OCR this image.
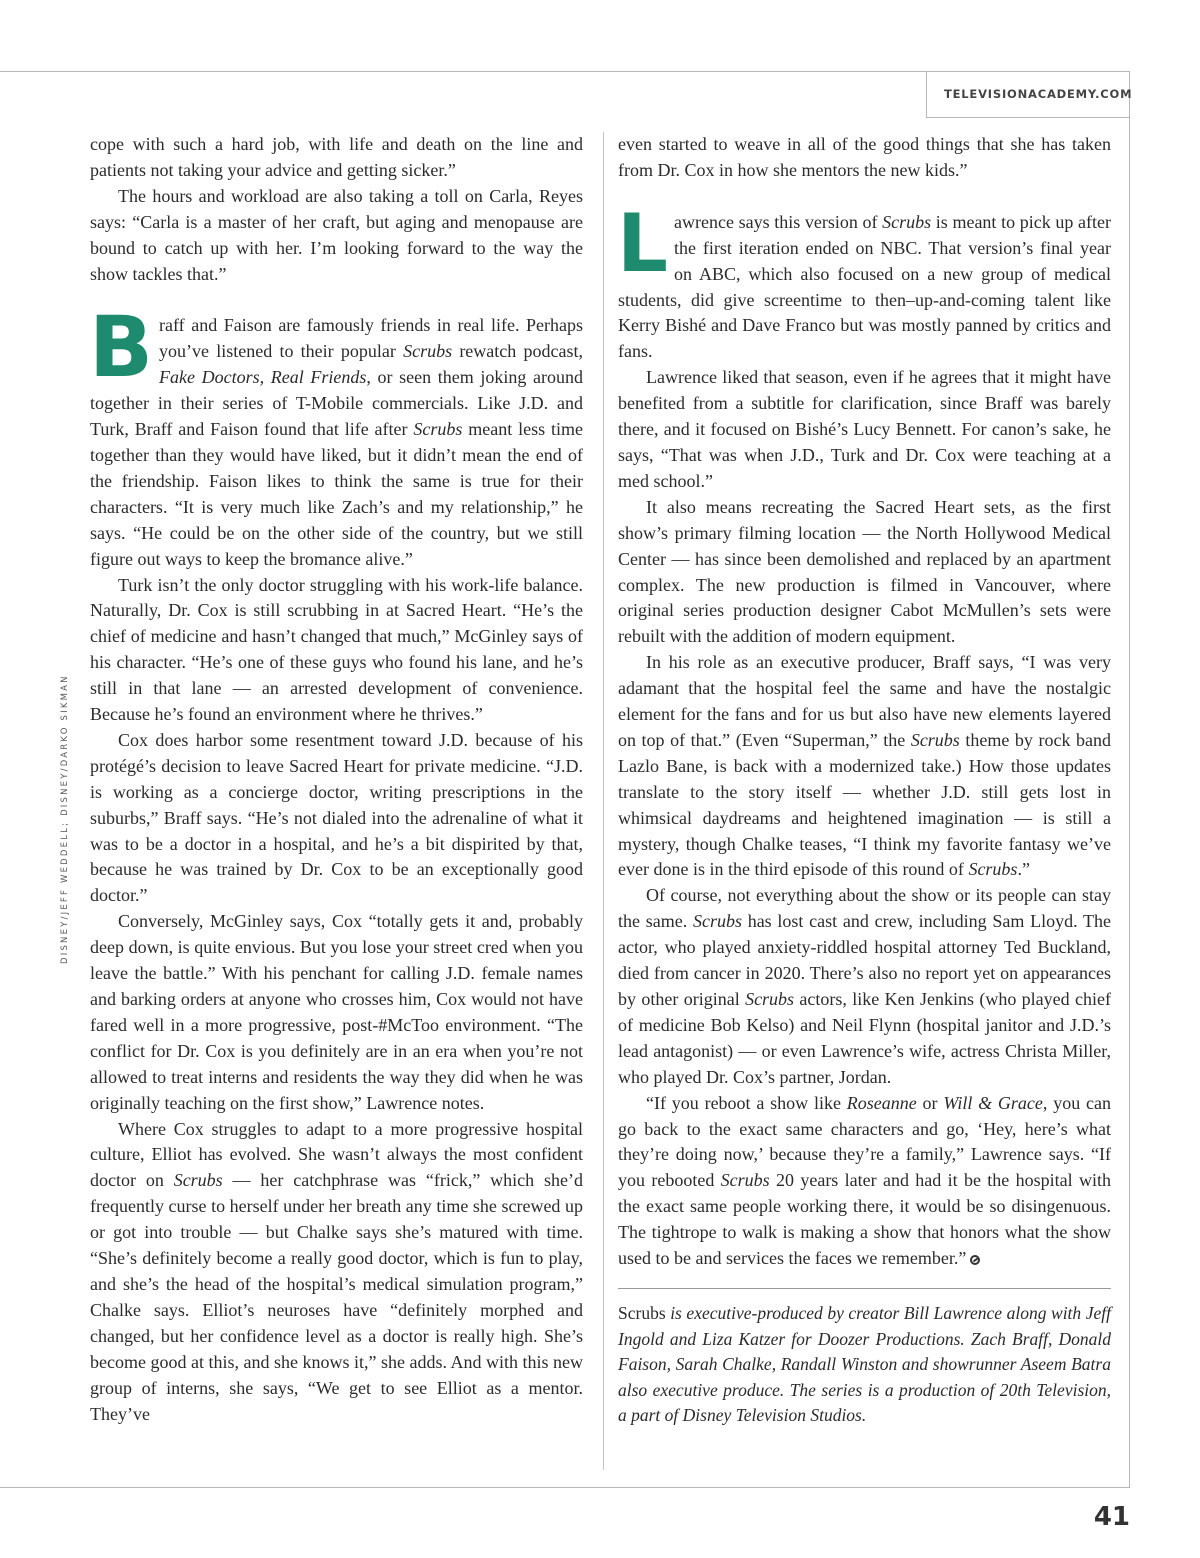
TELEVISIONACADEMY.COM
DISNEY/JEFF WEDDELL; DISNEY/DARKO SIKMAN

cope with such a hard job, with life and death on the line and patients not taking your advice and getting sicker.”

The hours and workload are also taking a toll on Carla, Reyes says: “Carla is a master of her craft, but aging and menopause are bound to catch up with her. I’m looking forward to the way the show tackles that.”

Braff and Faison are famously friends in real life. Perhaps you’ve listened to their popular Scrubs rewatch podcast, Fake Doctors, Real Friends, or seen them joking around together in their series of T-Mobile commercials. Like J.D. and Turk, Braff and Faison found that life after Scrubs meant less time together than they would have liked, but it didn’t mean the end of the friendship. Faison likes to think the same is true for their characters. “It is very much like Zach’s and my relationship,” he says. “He could be on the other side of the country, but we still figure out ways to keep the bromance alive.”

Turk isn’t the only doctor struggling with his work-life balance. Naturally, Dr. Cox is still scrubbing in at Sacred Heart. “He’s the chief of medicine and hasn’t changed that much,” McGinley says of his character. “He’s one of these guys who found his lane, and he’s still in that lane — an arrested development of convenience. Because he’s found an environment where he thrives.”

Cox does harbor some resentment toward J.D. because of his protégé’s decision to leave Sacred Heart for private medicine. “J.D. is working as a concierge doctor, writing prescriptions in the suburbs,” Braff says. “He’s not dialed into the adrenaline of what it was to be a doctor in a hospital, and he’s a bit dispirited by that, because he was trained by Dr. Cox to be an exceptionally good doctor.”

Conversely, McGinley says, Cox “totally gets it and, probably deep down, is quite envious. But you lose your street cred when you leave the battle.” With his penchant for calling J.D. female names and barking orders at anyone who crosses him, Cox would not have fared well in a more progressive, post-#McToo environment. “The conflict for Dr. Cox is you definitely are in an era when you’re not allowed to treat interns and residents the way they did when he was originally teaching on the first show,” Lawrence notes.

Where Cox struggles to adapt to a more progressive hospital culture, Elliot has evolved. She wasn’t always the most confident doctor on Scrubs — her catchphrase was “frick,” which she’d frequently curse to herself under her breath any time she screwed up or got into trouble — but Chalke says she’s matured with time. “She’s definitely become a really good doctor, which is fun to play, and she’s the head of the hospital’s medical simulation program,” Chalke says. Elliot’s neuroses have “definitely morphed and changed, but her confidence level as a doctor is really high. She’s become good at this, and she knows it,” she adds. And with this new group of interns, she says, “We get to see Elliot as a mentor. They’ve

even started to weave in all of the good things that she has taken from Dr. Cox in how she mentors the new kids.”

Lawrence says this version of Scrubs is meant to pick up after the first iteration ended on NBC. That version’s final year on ABC, which also focused on a new group of medical students, did give screentime to then–up-and-coming talent like Kerry Bishé and Dave Franco but was mostly panned by critics and fans.

Lawrence liked that season, even if he agrees that it might have benefited from a subtitle for clarification, since Braff was barely there, and it focused on Bishé’s Lucy Bennett. For canon’s sake, he says, “That was when J.D., Turk and Dr. Cox were teaching at a med school.”

It also means recreating the Sacred Heart sets, as the first show’s primary filming location — the North Hollywood Medical Center — has since been demolished and replaced by an apartment complex. The new production is filmed in Vancouver, where original series production designer Cabot McMullen’s sets were rebuilt with the addition of modern equipment.

In his role as an executive producer, Braff says, “I was very adamant that the hospital feel the same and have the nostalgic element for the fans and for us but also have new elements layered on top of that.” (Even “Superman,” the Scrubs theme by rock band Lazlo Bane, is back with a modernized take.) How those updates translate to the story itself — whether J.D. still gets lost in whimsical daydreams and heightened imagination — is still a mystery, though Chalke teases, “I think my favorite fantasy we’ve ever done is in the third episode of this round of Scrubs.”

Of course, not everything about the show or its people can stay the same. Scrubs has lost cast and crew, including Sam Lloyd. The actor, who played anxiety-riddled hospital attorney Ted Buckland, died from cancer in 2020. There’s also no report yet on appearances by other original Scrubs actors, like Ken Jenkins (who played chief of medicine Bob Kelso) and Neil Flynn (hospital janitor and J.D.’s lead antagonist) — or even Lawrence’s wife, actress Christa Miller, who played Dr. Cox’s partner, Jordan.

“If you reboot a show like Roseanne or Will & Grace, you can go back to the exact same characters and go, ‘Hey, here’s what they’re doing now,’ because they’re a family,” Lawrence says. “If you rebooted Scrubs 20 years later and had it be the hospital with the exact same people working there, it would be so disingenuous. The tightrope to walk is making a show that honors what the show used to be and services the faces we remember.”

Scrubs is executive-produced by creator Bill Lawrence along with Jeff Ingold and Liza Katzer for Doozer Productions. Zach Braff, Donald Faison, Sarah Chalke, Randall Winston and showrunner Aseem Batra also executive produce. The series is a production of 20th Television, a part of Disney Television Studios.

41
